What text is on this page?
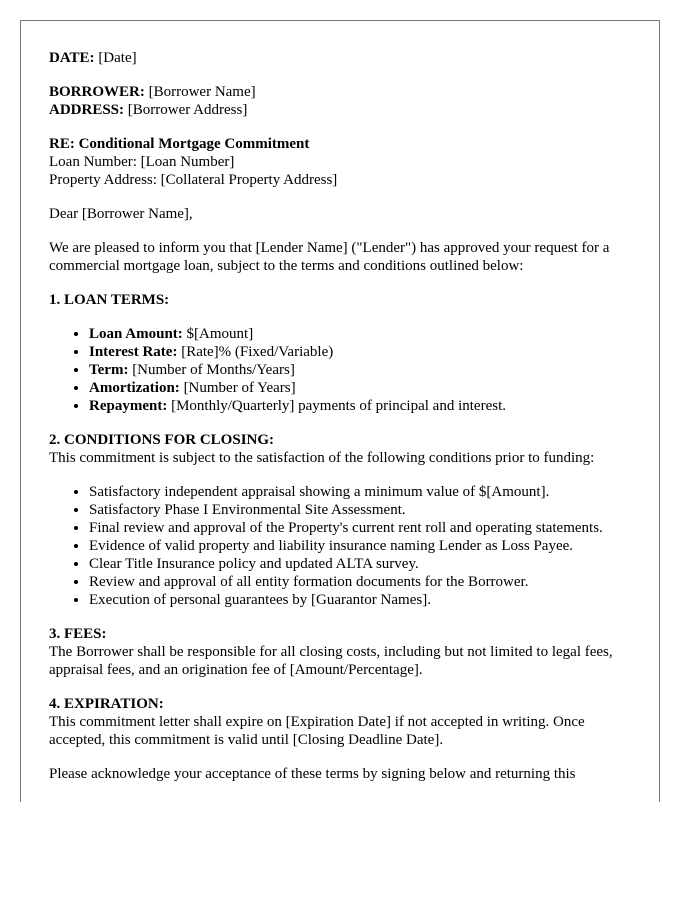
DATE: [Date]
BORROWER: [Borrower Name]
ADDRESS: [Borrower Address]
RE: Conditional Mortgage Commitment
Loan Number: [Loan Number]
Property Address: [Collateral Property Address]

Dear [Borrower Name],

We are pleased to inform you that [Lender Name] ("Lender") has approved your request for a commercial mortgage loan, subject to the terms and conditions outlined below:

1. LOAN TERMS:
• Loan Amount: $[Amount]
• Interest Rate: [Rate]% (Fixed/Variable)
• Term: [Number of Months/Years]
• Amortization: [Number of Years]
• Repayment: [Monthly/Quarterly] payments of principal and interest.
2. CONDITIONS FOR CLOSING:

This commitment is subject to the satisfaction of the following conditions prior to funding:

• Satisfactory independent appraisal showing a minimum value of $[Amount].
• Satisfactory Phase I Environmental Site Assessment.
• Final review and approval of the Property's current rent roll and operating statements.
• Evidence of valid property and liability insurance naming Lender as Loss Payee.
• Clear Title Insurance policy and updated ALTA survey.
• Review and approval of all entity formation documents for the Borrower.
• Execution of personal guarantees by [Guarantor Names].
3. FEES:

The Borrower shall be responsible for all closing costs, including but not limited to legal fees, appraisal fees, and an origination fee of [Amount/Percentage].

4. EXPIRATION:

This commitment letter shall expire on [Expiration Date] if not accepted in writing. Once accepted, this commitment is valid until [Closing Deadline Date].

Please acknowledge your acceptance of these terms by signing below and returning this
